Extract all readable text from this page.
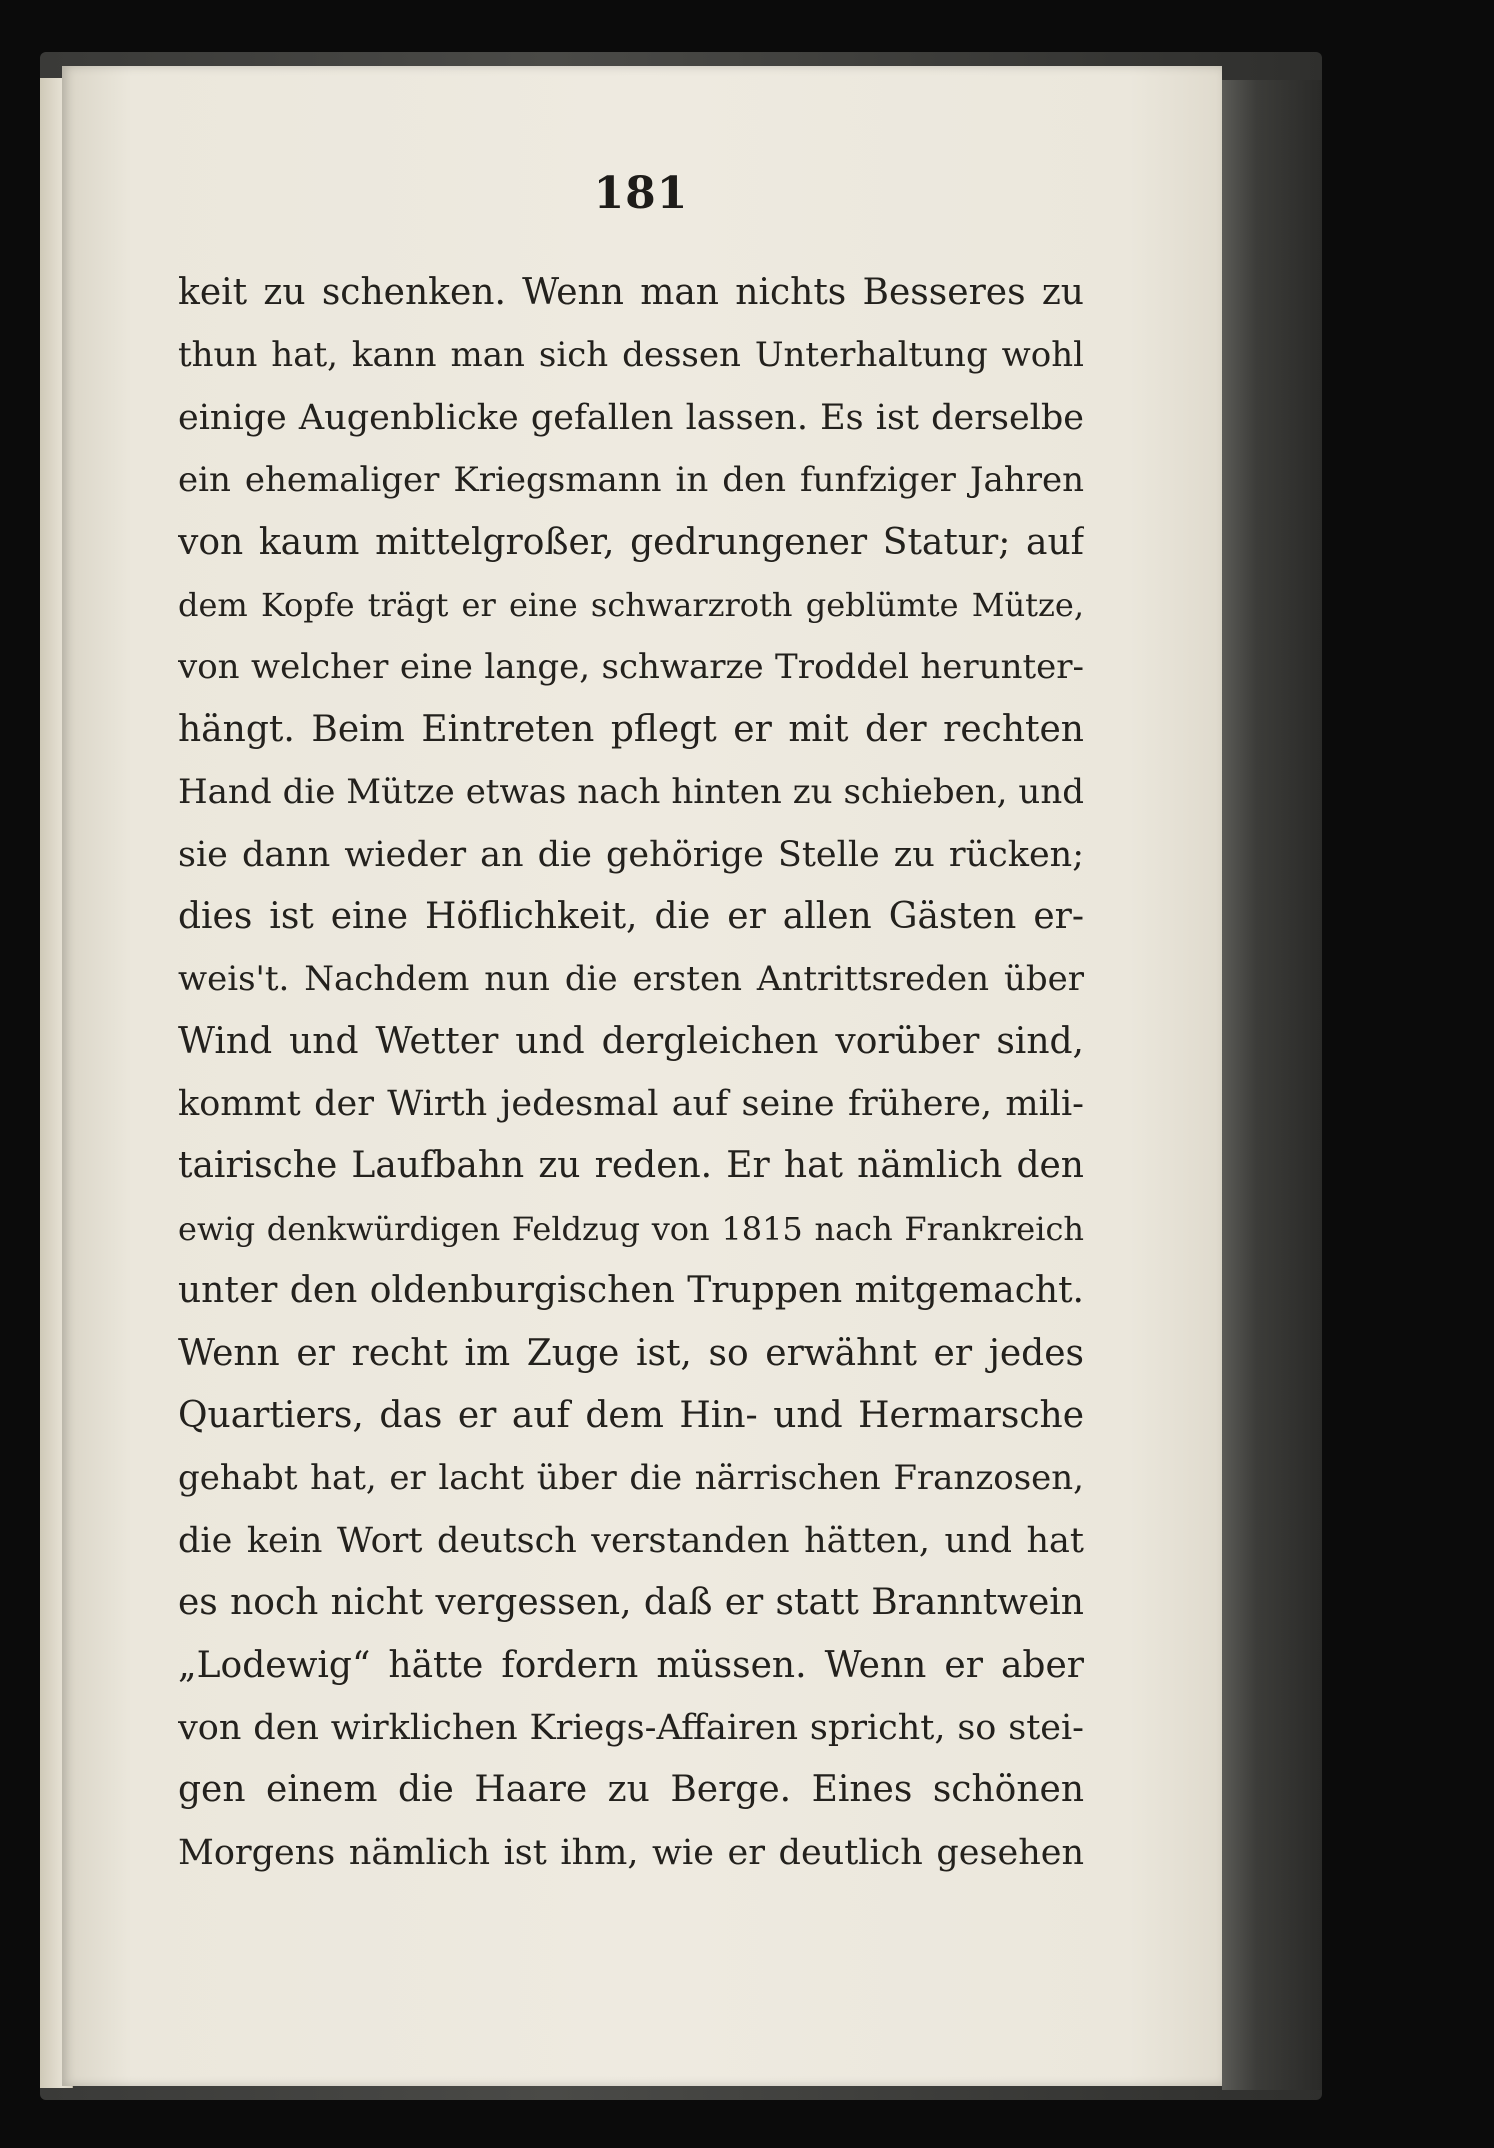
181
keit zu schenken. Wenn man nichts Besseres zu
thun hat, kann man sich dessen Unterhaltung wohl
einige Augenblicke gefallen lassen. Es ist derselbe
ein ehemaliger Kriegsmann in den funfziger Jahren
von kaum mittelgroßer, gedrungener Statur; auf
dem Kopfe trägt er eine schwarzroth geblümte Mütze,
von welcher eine lange, schwarze Troddel herunter-
hängt. Beim Eintreten pflegt er mit der rechten
Hand die Mütze etwas nach hinten zu schieben, und
sie dann wieder an die gehörige Stelle zu rücken;
dies ist eine Höflichkeit, die er allen Gästen er-
weis't. Nachdem nun die ersten Antrittsreden über
Wind und Wetter und dergleichen vorüber sind,
kommt der Wirth jedesmal auf seine frühere, mili-
tairische Laufbahn zu reden. Er hat nämlich den
ewig denkwürdigen Feldzug von 1815 nach Frankreich
unter den oldenburgischen Truppen mitgemacht.
Wenn er recht im Zuge ist, so erwähnt er jedes
Quartiers, das er auf dem Hin- und Hermarsche
gehabt hat, er lacht über die närrischen Franzosen,
die kein Wort deutsch verstanden hätten, und hat
es noch nicht vergessen, daß er statt Branntwein
„Lodewig“ hätte fordern müssen. Wenn er aber
von den wirklichen Kriegs-Affairen spricht, so stei-
gen einem die Haare zu Berge. Eines schönen
Morgens nämlich ist ihm, wie er deutlich gesehen
